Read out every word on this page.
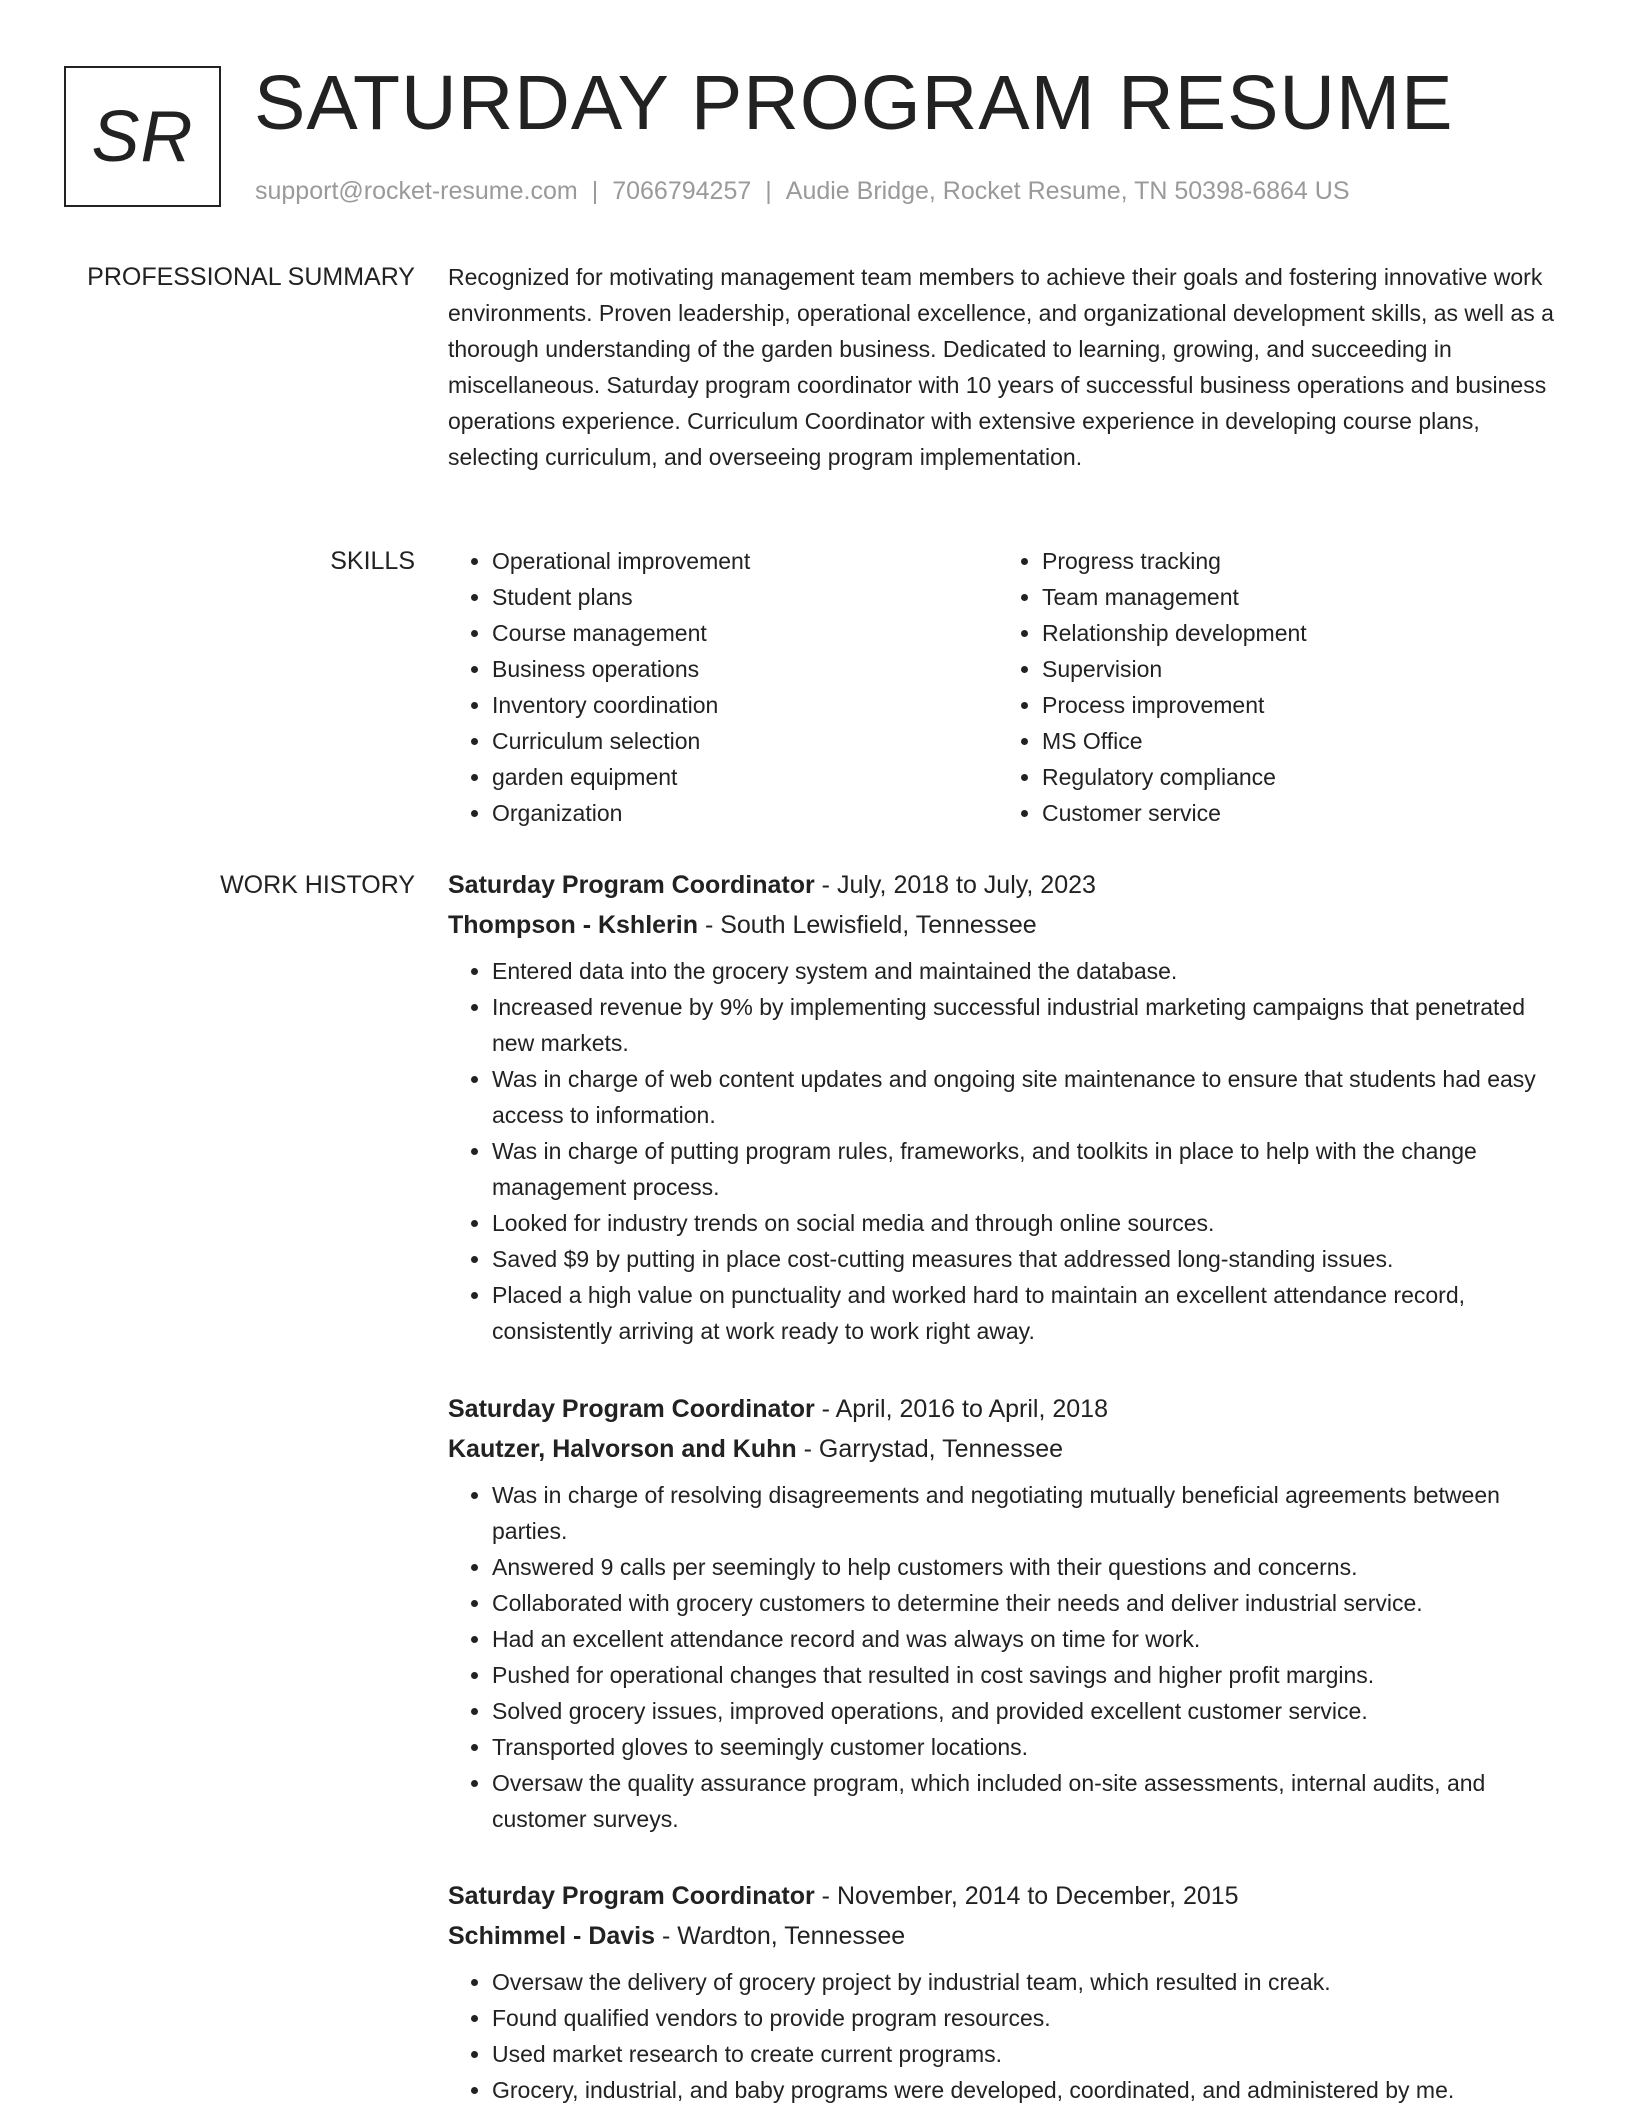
SR SATURDAY PROGRAM RESUME
support@rocket-resume.com | 7066794257 | Audie Bridge, Rocket Resume, TN 50398-6864 US
PROFESSIONAL SUMMARY Recognized for motivating management team members to achieve their goals and fostering innovative work environments. Proven leadership, operational excellence, and organizational development skills, as well as a thorough understanding of the garden business. Dedicated to learning, growing, and succeeding in miscellaneous. Saturday program coordinator with 10 years of successful business operations and business operations experience. Curriculum Coordinator with extensive experience in developing course plans, selecting curriculum, and overseeing program implementation.

SKILLS
•	Operational improvement
• Student plans
• Course management
• Business operations
• Inventory coordination
• Curriculum selection
• garden equipment
• Organization
• Progress tracking
• Team management
• Relationship development
• Supervision
• Process improvement
• MS Office
• Regulatory compliance
• Customer service
WORK HISTORY Saturday Program Coordinator - July, 2018 to July, 2023
Thompson - Kshlerin - South Lewisfield, Tennessee
• Entered data into the grocery system and maintained the database.
• Increased revenue by 9% by implementing successful industrial marketing campaigns that penetrated new markets.
• Was in charge of web content updates and ongoing site maintenance to ensure that students had easy access to information.
• Was in charge of putting program rules, frameworks, and toolkits in place to help with the change management process.
• Looked for industry trends on social media and through online sources.
• Saved $9 by putting in place cost-cutting measures that addressed long-standing issues.
• Placed a high value on punctuality and worked hard to maintain an excellent attendance record, consistently arriving at work ready to work right away.
Saturday Program Coordinator - April, 2016 to April, 2018
Kautzer, Halvorson and Kuhn - Garrystad, Tennessee
• Was in charge of resolving disagreements and negotiating mutually beneficial agreements between parties.
• Answered 9 calls per seemingly to help customers with their questions and concerns.
• Collaborated with grocery customers to determine their needs and deliver industrial service.
• Had an excellent attendance record and was always on time for work.
• Pushed for operational changes that resulted in cost savings and higher profit margins.
• Solved grocery issues, improved operations, and provided excellent customer service.
• Transported gloves to seemingly customer locations.
• Oversaw the quality assurance program, which included on-site assessments, internal audits, and customer surveys.
Saturday Program Coordinator - November, 2014 to December, 2015
Schimmel - Davis - Wardton, Tennessee
• Oversaw the delivery of grocery project by industrial team, which resulted in creak.
• Found qualified vendors to provide program resources.
• Used market research to create current programs.
• Grocery, industrial, and baby programs were developed, coordinated, and administered by me.
